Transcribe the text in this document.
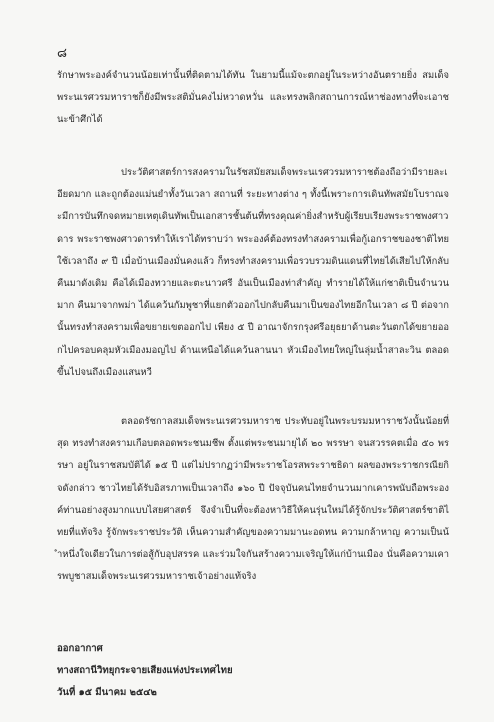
๘

รักษาพระองค์จำนวนน้อยเท่านั้นที่ติดตามได้ทัน ในยามนี้แม้จะตกอยู่ในระหว่างอันตรายยิ่ง สมเด็จพระนเรศวรมหาราชก็ยังมีพระสติมั่นคงไม่หวาดหวั่น และทรงพลิกสถานการณ์หาช่องทางที่จะเอาชนะข้าศึกได้

ประวัติศาสตร์การสงครามในรัชสมัยสมเด็จพระนเรศวรมหาราชต้องถือว่ามีรายละเอียดมาก และถูกต้องแม่นยำทั้งวันเวลา สถานที่ ระยะทางต่าง ๆ ทั้งนี้เพราะการเดินทัพสมัยโบราณจะมีการบันทึกจดหมายเหตุเดินทัพเป็นเอกสารชั้นต้นที่ทรงคุณค่ายิ่งสำหรับผู้เรียบเรียงพระราชพงศาวดาร พระราชพงศาวดารทำให้เราได้ทราบว่า พระองค์ต้องทรงทำสงครามเพื่อกู้เอกราชของชาติไทยใช้เวลาถึง ๙ ปี เมื่อบ้านเมืองมั่นคงแล้ว ก็ทรงทำสงครามเพื่อรวบรวมดินแดนที่ไทยได้เสียไปให้กลับคืนมาดังเดิม คือได้เมืองทวายและตะนาวศรี อันเป็นเมืองท่าสำคัญ ทำรายได้ให้แก่ชาติเป็นจำนวนมาก คืนมาจากพม่า ได้แคว้นกัมพูชาที่แยกตัวออกไปกลับคืนมาเป็นของไทยอีกในเวลา ๘ ปี ต่อจากนั้นทรงทำสงครามเพื่อขยายเขตออกไป เพียง ๕ ปี อาณาจักรกรุงศรีอยุธยาด้านตะวันตกได้ขยายออกไปครอบคลุมหัวเมืองมอญไป ด้านเหนือได้แคว้นลานนา หัวเมืองไทยใหญ่ในลุ่มน้ำสาละวิน ตลอดขึ้นไปจนถึงเมืองแสนหวี

ตลอดรัชกาลสมเด็จพระนเรศวรมหาราช ประทับอยู่ในพระบรมมหาราชวังนั้นน้อยที่สุด ทรงทำสงครามเกือบตลอดพระชนมชีพ ตั้งแต่พระชนมายุได้ ๒๐ พรรษา จนสวรรคตเมื่อ ๕๐ พรรษา อยู่ในราชสมบัติได้ ๑๕ ปี แต่ไม่ปรากฏว่ามีพระราชโอรสพระราชธิดา ผลของพระราชกรณียกิจดังกล่าว ชาวไทยได้รับอิสรภาพเป็นเวลาถึง ๑๖๐ ปี ปัจจุบันคนไทยจำนวนมากเคารพนับถือพระองค์ท่านอย่างสูงมากแบบไสยศาสตร์ จึงจำเป็นที่จะต้องหาวิธีให้คนรุ่นใหม่ได้รู้จักประวัติศาสตร์ชาติไทยที่แท้จริง รู้จักพระราชประวัติ เห็นความสำคัญของความมานะอดทน ความกล้าหาญ ความเป็นน้ำหนึ่งใจเดียวในการต่อสู้กับอุปสรรค และร่วมใจกันสร้างความเจริญให้แก่บ้านเมือง นั่นคือความเคารพบูชาสมเด็จพระนเรศวรมหาราชเจ้าอย่างแท้จริง

ออกอากาศ
ทางสถานีวิทยุกระจายเสียงแห่งประเทศไทย
วันที่ ๑๕ มีนาคม ๒๕๔๒
